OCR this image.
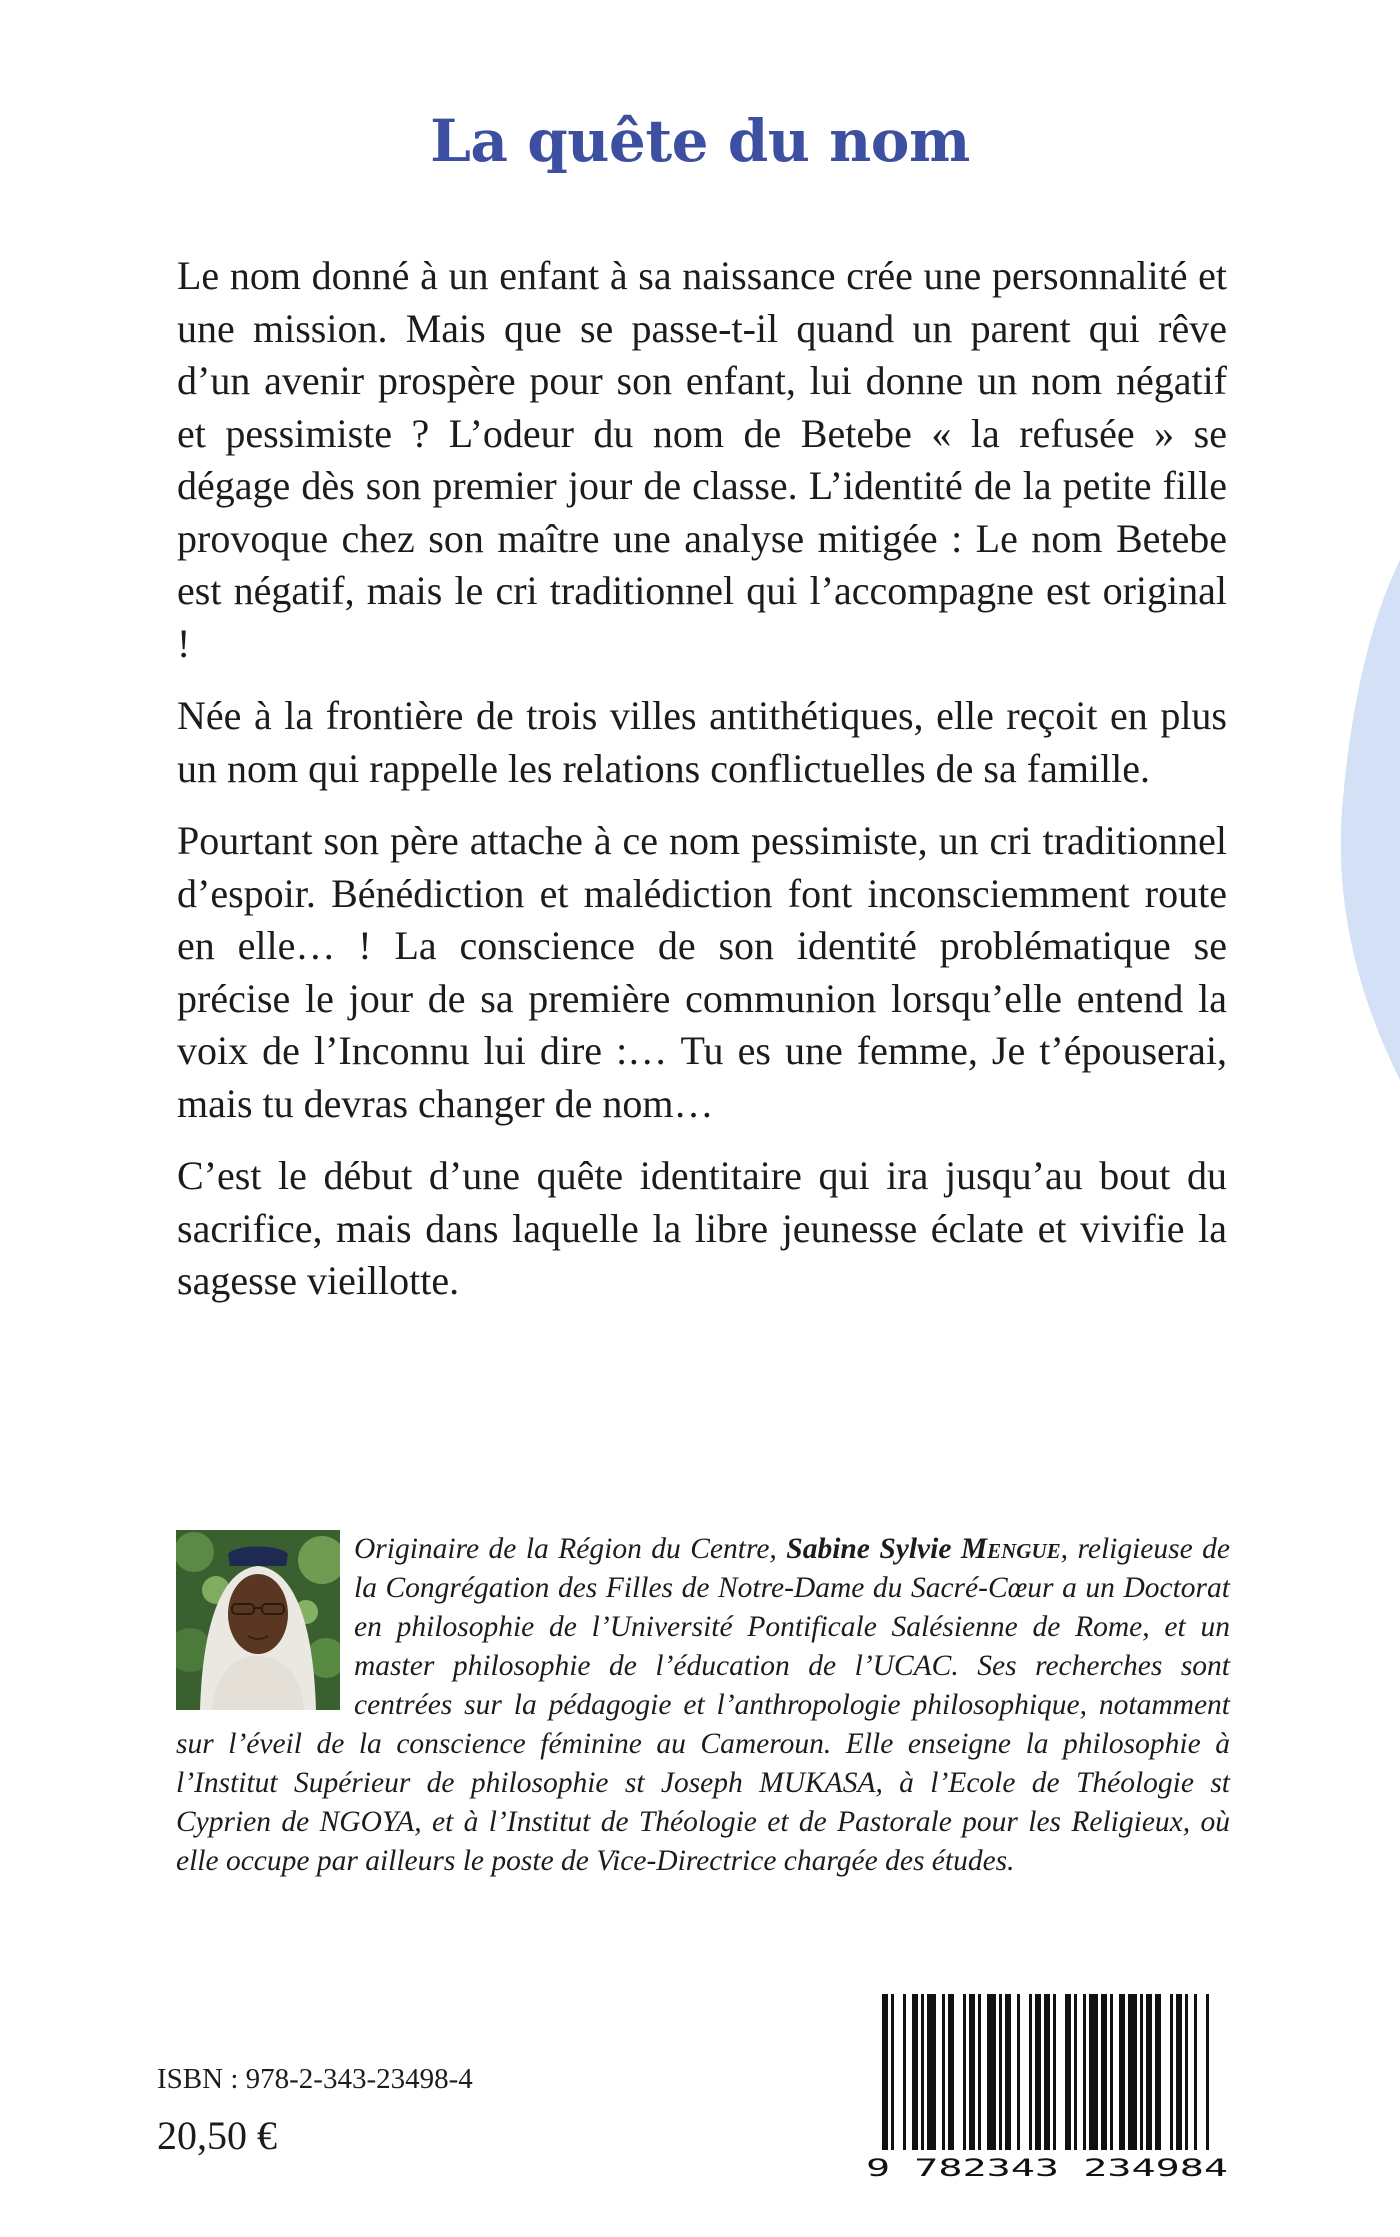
La quête du nom

Le nom donné à un enfant à sa naissance crée une personnalité et une mission. Mais que se passe-t-il quand un parent qui rêve d’un avenir prospère pour son enfant, lui donne un nom négatif et pessimiste ? L’odeur du nom de Betebe « la refusée » se dégage dès son premier jour de classe. L’identité de la petite fille provoque chez son maître une analyse mitigée : Le nom Betebe est négatif, mais le cri traditionnel qui l’accompagne est original !

Née à la frontière de trois villes antithétiques, elle reçoit en plus un nom qui rappelle les relations conflictuelles de sa famille.

Pourtant son père attache à ce nom pessimiste, un cri traditionnel d’espoir. Bénédiction et malédiction font inconsciemment route en elle… ! La conscience de son identité problématique se précise le jour de sa première communion lorsqu’elle entend la voix de l’Inconnu lui dire :… Tu es une femme, Je t’épouserai, mais tu devras changer de nom…

C’est le début d’une quête identitaire qui ira jusqu’au bout du sacrifice, mais dans laquelle la libre jeunesse éclate et vivifie la sagesse vieillotte.

Originaire de la Région du Centre, Sabine Sylvie Mengue, religieuse de la Congrégation des Filles de Notre-Dame du Sacré-Cœur a un Doctorat en philosophie de l’Université Pontificale Salésienne de Rome, et un master philosophie de l’éducation de l’UCAC. Ses recherches sont centrées sur la pédagogie et l’anthropologie philosophique, notamment sur l’éveil de la conscience féminine au Cameroun. Elle enseigne la philosophie à l’Institut Supérieur de philosophie st Joseph MUKASA, à l’Ecole de Théologie st Cyprien de NGOYA, et à l’Institut de Théologie et de Pastorale pour les Religieux, où elle occupe par ailleurs le poste de Vice-Directrice chargée des études.
ISBN : 978-2-343-23498-4
20,50 €
9 782343 234984
